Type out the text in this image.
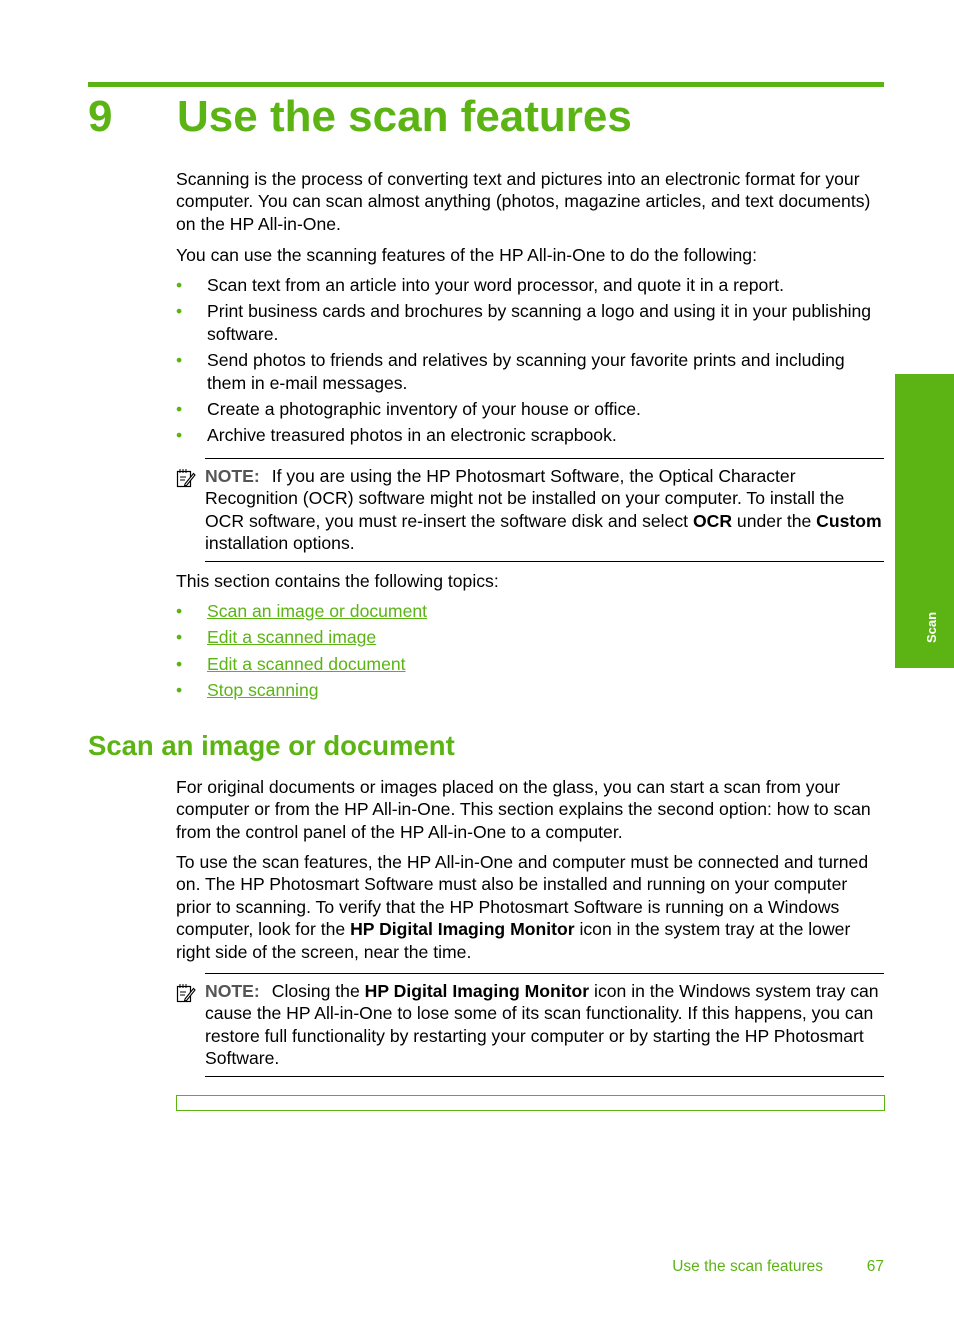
9 Use the scan features

Scanning is the process of converting text and pictures into an electronic format for your computer. You can scan almost anything (photos, magazine articles, and text documents) on the HP All-in-One.

You can use the scanning features of the HP All-in-One to do the following:

• Scan text from an article into your word processor, and quote it in a report.
• Print business cards and brochures by scanning a logo and using it in your publishing software.
• Send photos to friends and relatives by scanning your favorite prints and including them in e-mail messages.
• Create a photographic inventory of your house or office.
• Archive treasured photos in an electronic scrapbook.
NOTE: If you are using the HP Photosmart Software, the Optical Character Recognition (OCR) software might not be installed on your computer. To install the OCR software, you must re-insert the software disk and select OCR under the Custom installation options.

This section contains the following topics:

• Scan an image or document
• Edit a scanned image
• Edit a scanned document
• Stop scanning
Scan an image or document

For original documents or images placed on the glass, you can start a scan from your computer or from the HP All-in-One. This section explains the second option: how to scan from the control panel of the HP All-in-One to a computer.

To use the scan features, the HP All-in-One and computer must be connected and turned on. The HP Photosmart Software must also be installed and running on your computer prior to scanning. To verify that the HP Photosmart Software is running on a Windows computer, look for the HP Digital Imaging Monitor icon in the system tray at the lower right side of the screen, near the time.

NOTE: Closing the HP Digital Imaging Monitor icon in the Windows system tray can cause the HP All-in-One to lose some of its scan functionality. If this happens, you can restore full functionality by restarting your computer or by starting the HP Photosmart Software.
Scan
Use the scan features	67
